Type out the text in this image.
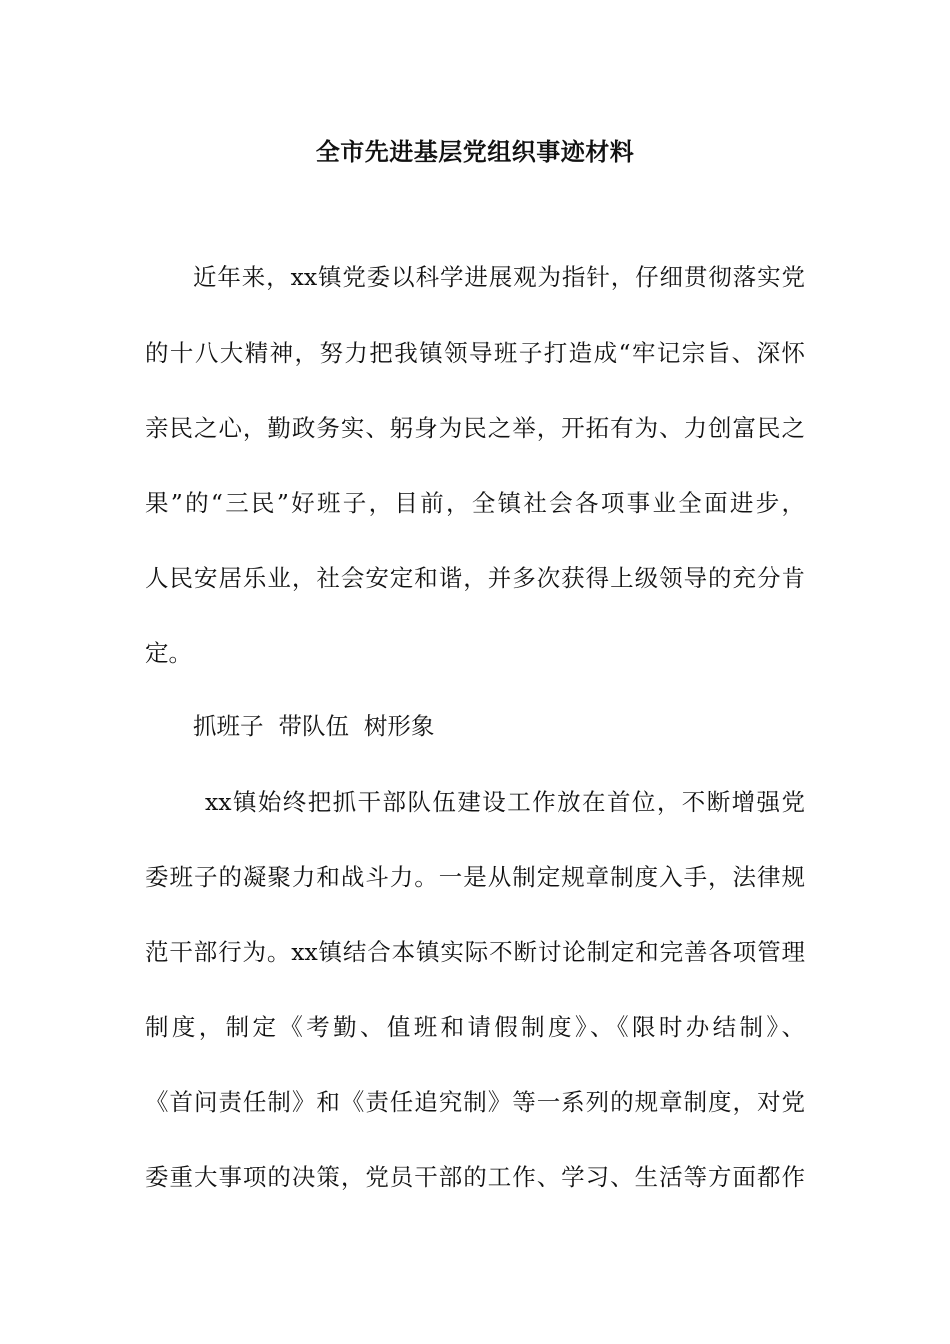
全市先进基层党组织事迹材料
近年来，xx镇党委以科学进展观为指针，仔细贯彻落实党
的十八大精神，努力把我镇领导班子打造成“牢记宗旨、深怀
亲民之心，勤政务实、躬身为民之举，开拓有为、力创富民之
果”的“三民”好班子，目前，全镇社会各项事业全面进步，
人民安居乐业，社会安定和谐，并多次获得上级领导的充分肯
定。
抓班子  带队伍  树形象
xx镇始终把抓干部队伍建设工作放在首位，不断增强党
委班子的凝聚力和战斗力。一是从制定规章制度入手，法律规
范干部行为。xx镇结合本镇实际不断讨论制定和完善各项管理
制度，制定《考勤、值班和请假制度》、《限时办结制》、
《首问责任制》和《责任追究制》等一系列的规章制度，对党
委重大事项的决策，党员干部的工作、学习、生活等方面都作
